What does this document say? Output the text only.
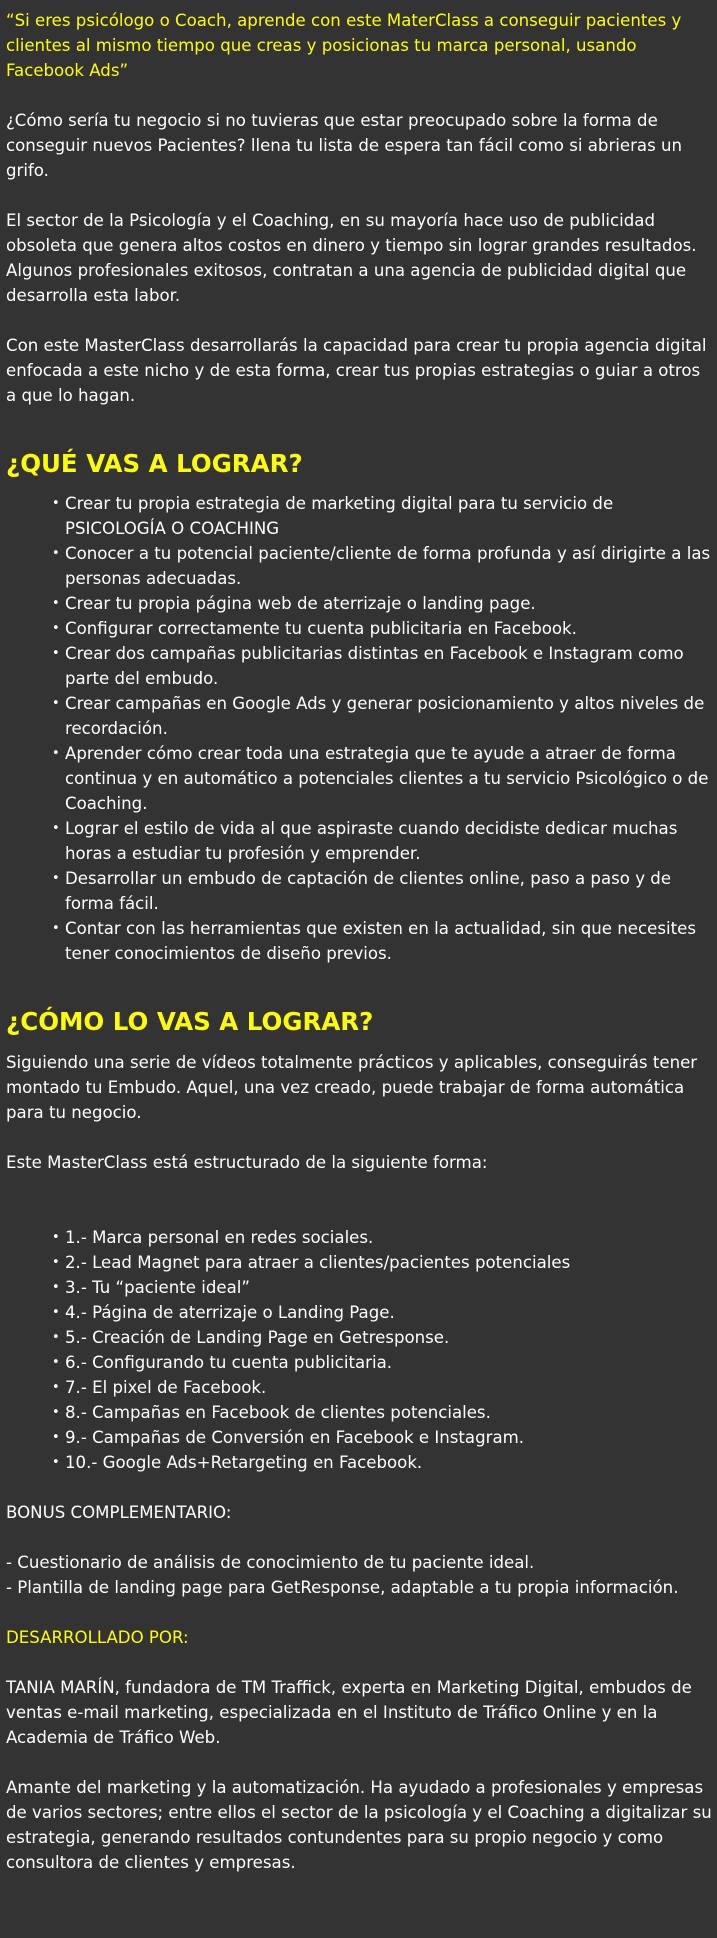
“Si eres psicólogo o Coach, aprende con este MaterClass a conseguir pacientes y clientes al mismo tiempo que creas y posicionas tu marca personal, usando Facebook Ads”

¿Cómo sería tu negocio si no tuvieras que estar preocupado sobre la forma de conseguir nuevos Pacientes? llena tu lista de espera tan fácil como si abrieras un grifo.

El sector de la Psicología y el Coaching, en su mayoría hace uso de publicidad obsoleta que genera altos costos en dinero y tiempo sin lograr grandes resultados. Algunos profesionales exitosos, contratan a una agencia de publicidad digital que desarrolla esta labor.

Con este MasterClass desarrollarás la capacidad para crear tu propia agencia digital enfocada a este nicho y de esta forma, crear tus propias estrategias o guiar a otros a que lo hagan.

¿QUÉ VAS A LOGRAR?
• Crear tu propia estrategia de marketing digital para tu servicio de PSICOLOGÍA O COACHING
• Conocer a tu potencial paciente/cliente de forma profunda y así dirigirte a las personas adecuadas.
• Crear tu propia página web de aterrizaje o landing page.
• Configurar correctamente tu cuenta publicitaria en Facebook.
• Crear dos campañas publicitarias distintas en Facebook e Instagram como parte del embudo.
• Crear campañas en Google Ads y generar posicionamiento y altos niveles de recordación.
• Aprender cómo crear toda una estrategia que te ayude a atraer de forma continua y en automático a potenciales clientes a tu servicio Psicológico o de Coaching.
• Lograr el estilo de vida al que aspiraste cuando decidiste dedicar muchas horas a estudiar tu profesión y emprender.
• Desarrollar un embudo de captación de clientes online, paso a paso y de forma fácil.
• Contar con las herramientas que existen en la actualidad, sin que necesites tener conocimientos de diseño previos.
¿CÓMO LO VAS A LOGRAR?

Siguiendo una serie de vídeos totalmente prácticos y aplicables, conseguirás tener montado tu Embudo. Aquel, una vez creado, puede trabajar de forma automática para tu negocio.

Este MasterClass está estructurado de la siguiente forma:

• 1.- Marca personal en redes sociales.
• 2.- Lead Magnet para atraer a clientes/pacientes potenciales
• 3.- Tu “paciente ideal”
• 4.- Página de aterrizaje o Landing Page.
• 5.- Creación de Landing Page en Getresponse.
• 6.- Configurando tu cuenta publicitaria.
• 7.- El pixel de Facebook.
• 8.- Campañas en Facebook de clientes potenciales.
• 9.- Campañas de Conversión en Facebook e Instagram.
• 10.- Google Ads+Retargeting en Facebook.

BONUS COMPLEMENTARIO:

- Cuestionario de análisis de conocimiento de tu paciente ideal.

- Plantilla de landing page para GetResponse, adaptable a tu propia información.

DESARROLLADO POR:

TANIA MARÍN, fundadora de TM Traffick, experta en Marketing Digital, embudos de ventas e-mail marketing, especializada en el Instituto de Tráfico Online y en la Academia de Tráfico Web.

Amante del marketing y la automatización. Ha ayudado a profesionales y empresas de varios sectores; entre ellos el sector de la psicología y el Coaching a digitalizar su estrategia, generando resultados contundentes para su propio negocio y como consultora de clientes y empresas.
